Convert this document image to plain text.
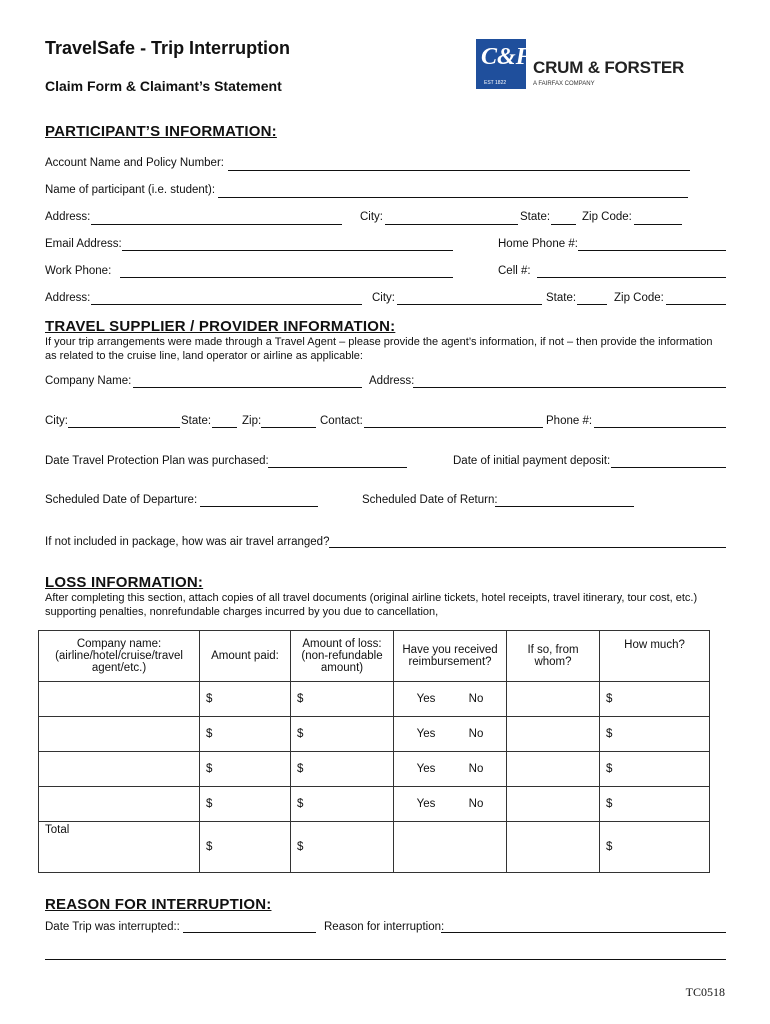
TravelSafe - Trip Interruption
Claim Form & Claimant’s Statement
C&F
EST 1822
CRUM & FORSTER
A FAIRFAX COMPANY
PARTICIPANT’S INFORMATION:
Account Name and Policy Number:
Name of participant (i.e. student):
Address:	City:	State:	Zip Code:
Email Address:	Home Phone #:
Work Phone:	Cell #:
Address:	City:	State:	Zip Code:
TRAVEL SUPPLIER / PROVIDER INFORMATION:
If your trip arrangements were made through a Travel Agent – please provide the agent’s information, if not – then provide the information as related to the cruise line, land operator or airline as applicable:
Company Name:	Address:
City:	State:	Zip:	Contact:	Phone #:
Date Travel Protection Plan was purchased:	Date of initial payment deposit:
Scheduled Date of Departure:	Scheduled Date of Return:
If not included in package, how was air travel arranged?
LOSS INFORMATION:
After completing this section, attach copies of all travel documents (original airline tickets, hotel receipts, travel itinerary, tour cost, etc.) supporting penalties, nonrefundable charges incurred by you due to cancellation,
Company name: (airline/hotel/cruise/travel agent/etc.)	Amount paid:	Amount of loss: (non-refundable amount)	Have you received reimbursement?	If so, from whom?	How much?
	$	$	Yes No		$
	$	$	Yes No		$
	$	$	Yes No		$
	$	$	Yes No		$
Total	$	$			$
REASON FOR INTERRUPTION:
Date Trip was interrupted::	Reason for interruption:
TC0518
